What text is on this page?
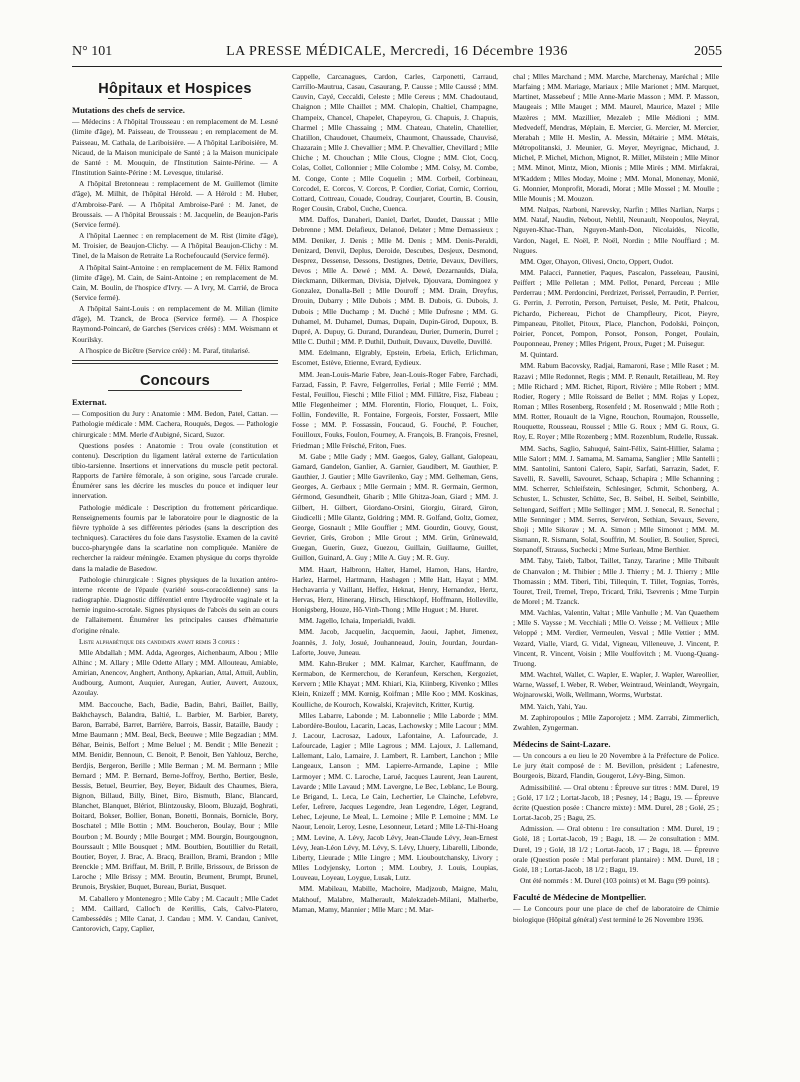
N° 101	LA PRESSE MÉDICALE, Mercredi, 16 Décembre 1936	2055
Hôpitaux et Hospices
Mutations des chefs de service.

— Médecins : A l'hôpital Trousseau : en remplacement de M. Lesné (limite d'âge), M. Paisseau, de Trousseau ; en remplacement de M. Paisseau, M. Cathala, de Lariboisière. — A l'hôpital Lariboisière, M. Nicaud, de la Maison municipale de Santé ; à la Maison municipale de Santé : M. Mouquin, de l'Institution Sainte-Périne. — A l'Institution Sainte-Périne : M. Levesque, titularisé.

A l'hôpital Bretonneau : remplacement de M. Guillemot (limite d'âge), M. Milhit, de l'hôpital Hérold. — A Hérold : M. Huber, d'Ambroise-Paré. — A l'hôpital Ambroise-Paré : M. Janet, de Broussais. — A l'hôpital Broussais : M. Jacquelin, de Beaujon-Paris (Service fermé).

A l'hôpital Laennec : en remplacement de M. Rist (limite d'âge), M. Troisier, de Beaujon-Clichy. — A l'hôpital Beaujon-Clichy : M. Tinel, de la Maison de Retraite La Rochefoucauld (Service fermé).

A l'hôpital Saint-Antoine : en remplacement de M. Félix Ramond (limite d'âge), M. Cain, de Saint-Antoine ; en remplacement de M. Cain, M. Boulin, de l'hospice d'Ivry. — A Ivry, M. Carrié, de Broca (Service fermé).

A l'hôpital Saint-Louis : en remplacement de M. Milian (limite d'âge), M. Tzanck, de Broca (Service fermé). — A l'hospice Raymond-Poincaré, de Garches (Services créés) : MM. Weismann et Kourilsky.

A l'hospice de Bicêtre (Service créé) : M. Paraf, titularisé.

Concours
Externat.

— Composition du Jury : Anatomie : MM. Bedon, Patel, Cattan. — Pathologie médicale : MM. Cachera, Rouquès, Degos. — Pathologie chirurgicale : MM. Merle d'Aubigné, Sicard, Suzor.

Questions posées : Anatomie : Trou ovale (constitution et contenu). Description du ligament latéral externe de l'articulation tibio-tarsienne. Insertions et innervations du muscle petit pectoral. Rapports de l'artère fémorale, à son origine, sous l'arcade crurale. Énumérer sans les décrire les muscles du pouce et indiquer leur innervation.

Pathologie médicale : Description du frottement péricardique. Renseignements fournis par le laboratoire pour le diagnostic de la fièvre typhoïde à ses différentes périodes (sans la description des techniques). Caractères du foie dans l'asystolie. Examen de la cavité bucco-pharyngée dans la scarlatine non compliquée. Manière de rechercher la raideur méningée. Examen physique du corps thyroïde dans la maladie de Basedow.

Pathologie chirurgicale : Signes physiques de la luxation antéro-interne récente de l'épaule (variété sous-coracoïdienne) sans la radiographie. Diagnostic différentiel entre l'hydrocèle vaginale et la hernie inguino-scrotale. Signes physiques de l'abcès du sein au cours de l'allaitement. Énumérer les principales causes d'hématurie d'origine rénale.

Liste alphabétique des candidats ayant remis 3 copies :

Mlle Abdallah ; MM. Adda, Ageorges, Aichenbaum, Albou ; Mlle Alhinc ; M. Allary ; Mlle Odette Allary ; MM. Allouteau, Amiable, Amirian, Anencov, Anghert, Anthony, Apkarian, Attal, Attuil, Aublin, Audbourg, Aumont, Auquier, Auregan, Autier, Auvert, Auzoux, Azoulay.

MM. Baccouche, Bach, Badie, Badin, Bahri, Baillet, Bailly, Bakhchaysch, Balandra, Baltié, L. Barbier, M. Barbier, Barety, Baron, Barrabé, Barret, Barrière, Barrois, Bassir, Bataille, Baudy ; Mme Baumann ; MM. Beal, Beck, Beeuwe ; Mlle Begzadian ; MM. Béhar, Beinis, Belfort ; Mme Beluel ; M. Bendit ; Mlle Benezit ; MM. Benidir, Bennoun, C. Benoit, P. Benoit, Ben Yahlouz, Berche, Berdjis, Bergeron, Berille ; Mlle Berman ; M. M. Bermann ; Mlle Bernard ; MM. P. Bernard, Berne-Joffroy, Bertho, Bertier, Besle, Bessis, Betuel, Beurrier, Bey, Beyer, Bidault des Chaumes, Biera, Bignon, Billaud, Billy, Binet, Biro, Bismuth, Blanc, Blancard, Blanchet, Blanquet, Blériot, Blintzousky, Bloom, Bluzajd, Boghrati, Boitard, Bokser, Bollier, Bonan, Bonetti, Bonnais, Bornicle, Bory, Boschatel ; Mlle Bottin ; MM. Boucheron, Boulay, Bour ; Mlle Bourbon ; M. Bourdy ; Mlle Bourget ; MM. Bourgin, Bourgougnon, Bourssault ; Mlle Bousquet ; MM. Boutbien, Boutillier du Retail, Boutier, Boyer, J. Brac, A. Bracq, Braillon, Brami, Brandon ; Mlle Brenckle ; MM. Briffaut, M. Brill, P. Brille, Brissoux, de Brisson de Laroche ; Mlle Brissy ; MM. Broutin, Brument, Brumpt, Brunel, Brunois, Bryskier, Buquet, Bureau, Buriat, Busquet.

M. Caballero y Montenegro ; Mlle Caby ; M. Cacault ; Mlle Cadet ; MM. Caillard, Calloc'h de Kerillis, Cals, Calvo-Platero, Cambessédès ; Mlle Canat, J. Candau ; MM. V. Candau, Canivet, Cantorovich, Capy, Caplier,

Cappelle, Carcanagues, Cardon, Carles, Carponetti, Carraud, Carrillo-Mautrua, Casau, Casaurang, P. Causse ; Mlle Caussé ; MM. Cauvin, Cayé, Ceccaldi, Celeste ; Mlle Cereus ; MM. Chadoutaud, Chaignon ; Mlle Chaillet ; MM. Chalopin, Chaltiel, Champagne, Champeix, Chancel, Chapelet, Chapeyrou, G. Chapuis, J. Chapuis, Charmel ; Mlle Chassaing ; MM. Chateau, Chatelin, Chatellier, Chatillon, Chaudouet, Chaumeix, Chaumont, Chaussade, Chauvisé, Chazarain ; Mlle J. Chevallier ; MM. P. Chevallier, Chevillard ; Mlle Chiche ; M. Chouchan ; Mlle Clous, Clogne ; MM. Clot, Cocq, Colas, Collet, Collonnier ; Mlle Colombe ; MM. Colsy, M. Combe, M. Conge, Conte ; Mlle Coquelin ; MM. Corbeil, Corbineau, Corcodel, E. Corcos, V. Corcos, P. Cordier, Coriat, Cornic, Corriou, Cottard, Cottreau, Couade, Coudray, Courjaret, Courtin, B. Cousin, Roger Cousin, Crabol, Cuche, Cuenca.

MM. Daffos, Danaheri, Daniel, Darlet, Daudet, Daussat ; Mlle Debrenne ; MM. Delafieux, Delanoé, Delater ; Mme Demassieux ; MM. Deniker, J. Denis ; Mlle M. Denis ; MM. Denis-Peraldi, Denizard, Denvil, Deplus, Deroide, Descubes, Desjeux, Desmond, Desprez, Dessense, Dessons, Destignes, Detrie, Devaux, Devillers, Devos ; Mlle A. Dewé ; MM. A. Dewé, Dezarnaulds, Diala, Dieckmann, Dilkerman, Divisia, Djelvek, Djouvara, Domingoez y Gonzalez, Donalla-Bell ; Mlle Douroff ; MM. Drain, Dreyfus, Drouin, Dubarry ; Mlle Dubois ; MM. B. Dubois, G. Dubois, J. Dubois ; Mlle Duchamp ; M. Duché ; Mlle Dufresne ; MM. G. Duhamel, M. Duhamel, Dumas, Dupain, Dupin-Girod, Dupoux, B. Dupré, A. Dupuy, G. Durand, Durandeau, Durier, Durnerin, Durrel ; Mlle C. Duthil ; MM. P. Duthil, Duthuit, Duvaux, Duvelle, Duvillé.

MM. Edelmann, Elgrably, Epstein, Erbeia, Erlich, Erlichman, Escomet, Estève, Etienne, Evrard, Eydieux.

MM. Jean-Louis-Marie Fabre, Jean-Louis-Roger Fabre, Farchadi, Farzad, Fassin, P. Favre, Felgerrolles, Ferial ; Mlle Ferrié ; MM. Festal, Feuillou, Fieschi ; Mlle Filiol ; MM. Fillâtre, Fisz, Flabeau ; Mlle Flegenheimer ; MM. Florentin, Florio, Flouquet, L. Foix, Follin, Fondeville, R. Fontaine, Forgeois, Forster, Fossaert, Mlle Fosse ; MM. P. Fossassin, Foucaud, G. Fouché, P. Foucher, Fouilloux, Fouks, Foulon, Fourney, A. François, B. François, Fresnel, Friedman ; Mlle Frèsché, Friton, Fues.

M. Gabe ; Mlle Gady ; MM. Gaegos, Galey, Gallant, Galopeau, Gamard, Gandelon, Ganlier, A. Garnier, Gaudibert, M. Gauthier, P. Gauthier, J. Gautier ; Mlle Gavrilenko, Gay ; MM. Gelheman, Gens, Georges, A. Gerbaux ; Mlle Germain ; MM. R. Germain, Germon, Gérmond, Gesundheit, Gharib ; Mlle Ghitza-Joan, Giard ; MM. J. Gilbert, H. Gilbert, Giordano-Orsini, Giorgiu, Girard, Giron, Giudicelli ; Mlle Glantz, Goldring ; MM. R. Golfand, Goltz, Gomez, George, Gosnault ; Mlle Gouffier ; MM. Gourdin, Gouvy, Goust, Gevrier, Grès, Grobon ; Mlle Grout ; MM. Grün, Grünewald, Guegan, Guerin, Guez, Guezou, Guillain, Guillaume, Guillet, Guillon, Guinard, A. Guy ; Mlle A. Guy ; M. R. Guy.

MM. Haart, Halbronn, Halter, Hamel, Hamon, Hans, Hardre, Harlez, Harmel, Hartmann, Hashagen ; Mlle Hatt, Hayat ; MM. Hechavarria y Vaillant, Heffez, Heknat, Henry, Hernandez, Hertz, Hervas, Herz, Hinerang, Hirsch, Hirschkopf, Hoffmann, Holleville, Honigsberg, Houze, Hô-Vinh-Thong ; Mlle Huguet ; M. Huret.

MM. Jagello, Ichaia, Imperialdi, Ivaldi.

MM. Jacob, Jacquelin, Jacquemin, Jaoui, Japhet, Jimenez, Joannès, J. Joly, Josué, Jouhanneaud, Jouin, Jourdan, Jourdan-Laforte, Jouve, Juneau.

MM. Kahn-Bruker ; MM. Kalmar, Karcher, Kauffmann, de Kermabon, de Kermerchou, de Keranfeun, Kerschen, Kergoziet, Kervern ; Mlle Khayat ; MM. Khiari, Kia, Kiinberg, Kivenko ; Mlles Klein, Knizeff ; MM. Kœnig, Koifman ; Mlle Koo ; MM. Koskinas, Koulliche, de Kouroch, Kowalski, Krajevitch, Kritter, Kurtig.

Mlles Labarre, Labonde ; M. Labonnelie ; Mlle Laborde ; MM. Labordère-Boulou, Lacarin, Lacas, Lachowsky ; Mlle Lacour ; MM. J. Lacour, Lacrosaz, Ladoux, Lafontaine, A. Lafourcade, J. Lafourcade, Lagier ; Mlle Lagrous ; MM. Lajoux, J. Lallemand, Lallemant, Lalo, Lamaire, J. Lambert, R. Lambert, Lanchon ; Mlle Langeaux, Lanson ; MM. Lapierre-Armande, Lapine ; Mlle Larmoyer ; MM. C. Laroche, Larué, Jacques Laurent, Jean Laurent, Lavarde ; Mlle Lavaud ; MM. Lavergne, Le Bec, Leblanc, Le Bourg, Le Brigand, L. Leca, Le Cain, Lechertier, Le Clainche, Lefebvre, Lefer, Lefrere, Jacques Legendre, Jean Legendre, Léger, Legrand, Lehec, Lejeune, Le Meal, L. Lemoine ; Mlle P. Lemoine ; MM. Le Naour, Lenoir, Leroy, Lesne, Lesonneur, Letard ; Mlle Lê-Thi-Hoang ; MM. Levine, A. Lévy, Jacob Lévy, Jean-Claude Lévy, Jean-Ernest Lévy, Jean-Léon Lévy, M. Lévy, S. Lévy, Lhuery, Libarelli, Libonde, Liberty, Lieurade ; Mlle Lingre ; MM. Liouboutchansky, Livory ; Mlles Lodyjensky, Lorton ; MM. Loubry, J. Louis, Loupias, Louveau, Loyeau, Loygue, Lusak, Lutz.

MM. Mabileau, Mabille, Machoire, Madjzoub, Maigne, Malu, Makhouf, Malabre, Malherault, Malekzadeh-Milani, Malherbe, Maman, Mamy, Mannier ; Mlle Marc ; M. Mar-

chal ; Mlles Marchand ; MM. Marche, Marchenay, Maréchal ; Mlle Marfaing ; MM. Mariage, Mariaux ; Mlle Marionet ; MM. Marquet, Martinet, Massebeuf ; Mlle Anne-Marie Masson ; MM. P. Masson, Maugeais ; Mlle Mauget ; MM. Maurel, Maurice, Mazel ; Mlle Mazères ; MM. Mazillier, Mezaleb ; Mlle Médioni ; MM. Medvedeff, Mendras, Méplain, E. Mercier, G. Mercier, M. Mercier, Merabah ; Mlle H. Meslin, A. Messin, Métairie ; MM. Métais, Métropolitanski, J. Meunier, G. Meyer, Meyrignac, Michaud, J. Michel, P. Michel, Michon, Mignot, R. Millet, Milstein ; Mlle Minor ; MM. Minot, Mintz, Mion, Mionis ; Mlle Mirès ; MM. Mirfakrai, M'Kaddem ; Mlles Moday, Moine ; MM. Monal, Monenay, Monié, G. Monnier, Monprofit, Moradi, Morat ; Mlle Mossel ; M. Moulle ; Mlle Mounis ; M. Mouzon.

MM. Nalpas, Narboni, Narevsky, Narfin ; Mlles Narlian, Narps ; MM. Nataf, Naudin, Nebout, Nehlil, Neunault, Neopoulos, Neyral, Nguyen-Khac-Than, Nguyen-Manh-Don, Nicolaidès, Nicolle, Vardon, Nagel, E. Noël, P. Noël, Nordin ; Mlle Nouffiard ; M. Nugues.

MM. Oger, Ohayon, Olivesi, Oncto, Oppert, Oudot.

MM. Palacci, Pannetier, Paques, Pascalon, Passeleau, Pausini, Peiffert ; Mlle Pelletan ; MM. Pellot, Penard, Perceau ; Mlle Perderrau ; MM. Perdoncini, Perdrizet, Perissel, Perraudin, P. Perrier, G. Perrin, J. Perrotin, Person, Pertuiset, Pesle, M. Petit, Phalcou, Pichardo, Pichereau, Pichot de Champfleury, Picot, Pieyre, Pimpaneau, Pitollet, Pitoux, Place, Planchon, Podolski, Poinçon, Poirier, Poncet, Pompon, Ponsot, Ponson, Ponget, Poulain, Pouponneau, Preney ; Mlles Prigent, Proux, Puget ; M. Puisegur.

M. Quintard.

MM. Rabum Bacovsky, Radjai, Ramaroni, Rase ; Mlle Raset ; M. Razavi ; Mlle Redonnet, Regis ; MM. P. Renault, Retailleau, M. Rey ; Mlle Richard ; MM. Richet, Riport, Rivière ; Mlle Robert ; MM. Rodier, Rogery ; Mlle Roissard de Bellet ; MM. Rojas y Lopez, Roman ; Mlles Rosenberg, Rosenfeld ; M. Rosenwald ; Mlle Roth ; MM. Rotter, Rouault de la Vigne, Rouchon, Roumajon, Rousselle, Rouquette, Rousseau, Roussel ; Mlle G. Roux ; MM G. Roux, G. Roy, E. Royer ; Mlle Rozenberg ; MM. Rozenblum, Rudelle, Russak.

MM. Sachs, Saglio, Sahuqué, Saint-Félix, Saint-Hillier, Salama ; Mlle Salort ; MM. J. Samama, M. Samama, Sanglier ; Mlle Santelli ; MM. Santolini, Santoni Calero, Sapir, Sarfati, Sarrazin, Sadet, F. Savelli, R. Savelli, Savouret, Schaap, Schapira ; Mlle Schanning ; MM. Scherrer, Schleifstein, Schlesinger, Schmit, Schonberg, A. Schuster, L. Schuster, Schütte, Sec, B. Seibel, H. Seibel, Seinbille, Seltengard, Seiffert ; Mlle Sellinger ; MM. J. Senecal, R. Senechal ; Mlle Senninger ; MM. Serres, Servéron, Sethian, Sevaux, Severe, Shoji ; Mlle Sikorav ; M. A. Simon ; Mlle Simonot ; MM. M. Sismann, R. Sismann, Solal, Souffrin, M. Soulier, B. Soulier, Spreci, Stepanoff, Strauss, Suchecki ; Mme Surleau, Mme Berthier.

MM. Taby, Taieb, Talbot, Taillet, Tanzy, Tararine ; Mlle Thibault de Chanvalon ; M. Thibier ; Mlle J. Thierry ; M. J. Thierry ; Mlle Thomassin ; MM. Tiberi, Tibi, Tillequin, T. Tillet, Tognias, Torrès, Touret, Treil, Tremel, Trepo, Tricard, Triki, Tsevrenis ; Mme Turpin de Morel ; M. Tzanck.

MM. Vachlas, Valentin, Valtat ; Mlle Vanhulle ; M. Van Quaethem ; Mlle S. Vaysse ; M. Vecchiali ; Mlle O. Veisse ; M. Vellieux ; Mlle Veloppé ; MM. Verdier, Vermeulen, Vesval ; Mlle Vettier ; MM. Vezard, Vialle, Viard, G. Vidal, Vigneau, Villeneuve, J. Vincent, P. Vincent, R. Vincent, Voisin ; Mlle Voulfovitch ; M. Vuong-Quang-Truong.

MM. Wachtel, Wallet, C. Wapler, E. Wapler, J. Wapler, Wareollier, Warne, Wassef, I. Weber, R. Weber, Weintraud, Weinlandt, Weyrgain, Wojnarowski, Wolk, Wellmann, Worms, Wurbstat.

MM. Yaich, Yahi, Yau.

M. Zaphiropoulos ; Mlle Zaporojetz ; MM. Zarrabi, Zimmerlich, Zwahlen, Zyngerman.

Médecins de Saint-Lazare.

— Un concours a eu lieu le 20 Novembre à la Préfecture de Police. Le jury était composé de : M. Bevillon, président ; Lafenestre, Bourgeois, Bizard, Flandin, Gougerot, Lévy-Bing, Simon.

Admissibilité. — Oral obtenu : Épreuve sur titres : MM. Durel, 19 ; Golé, 17 1/2 ; Lortat-Jacob, 18 ; Pesney, 14 ; Bagu, 19. — Épreuve écrite (Question posée : Chancre mixte) : MM. Durel, 28 ; Golé, 25 ; Lortat-Jacob, 25 ; Bagu, 25.

Admission. — Oral obtenu : 1re consultation : MM. Durel, 19 ; Golé, 18 ; Lortat-Jacob, 19 ; Bagu, 18. — 2e consultation : MM. Durel, 19 ; Golé, 18 1/2 ; Lortat-Jacob, 17 ; Bagu, 18. — Épreuve orale (Question posée : Mal perforant plantaire) : MM. Durel, 18 ; Golé, 18 ; Lortat-Jacob, 18 1/2 ; Bagu, 19.

Ont été nommés : M. Durel (103 points) et M. Bagu (99 points).

Faculté de Médecine de Montpellier.

— Le Concours pour une place de chef de laboratoire de Chimie biologique (Hôpital général) s'est terminé le 26 Novembre 1936.
